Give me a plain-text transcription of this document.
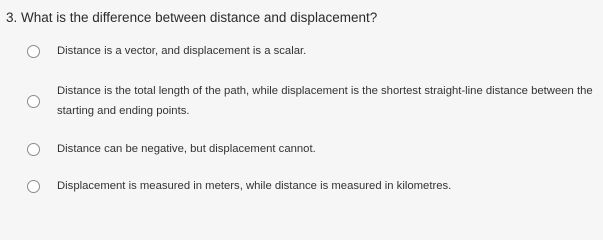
3. What is the difference between distance and displacement?
Distance is a vector, and displacement is a scalar.
Distance is the total length of the path, while displacement is the shortest straight-line distance between the starting and ending points.
Distance can be negative, but displacement cannot.
Displacement is measured in meters, while distance is measured in kilometres.
